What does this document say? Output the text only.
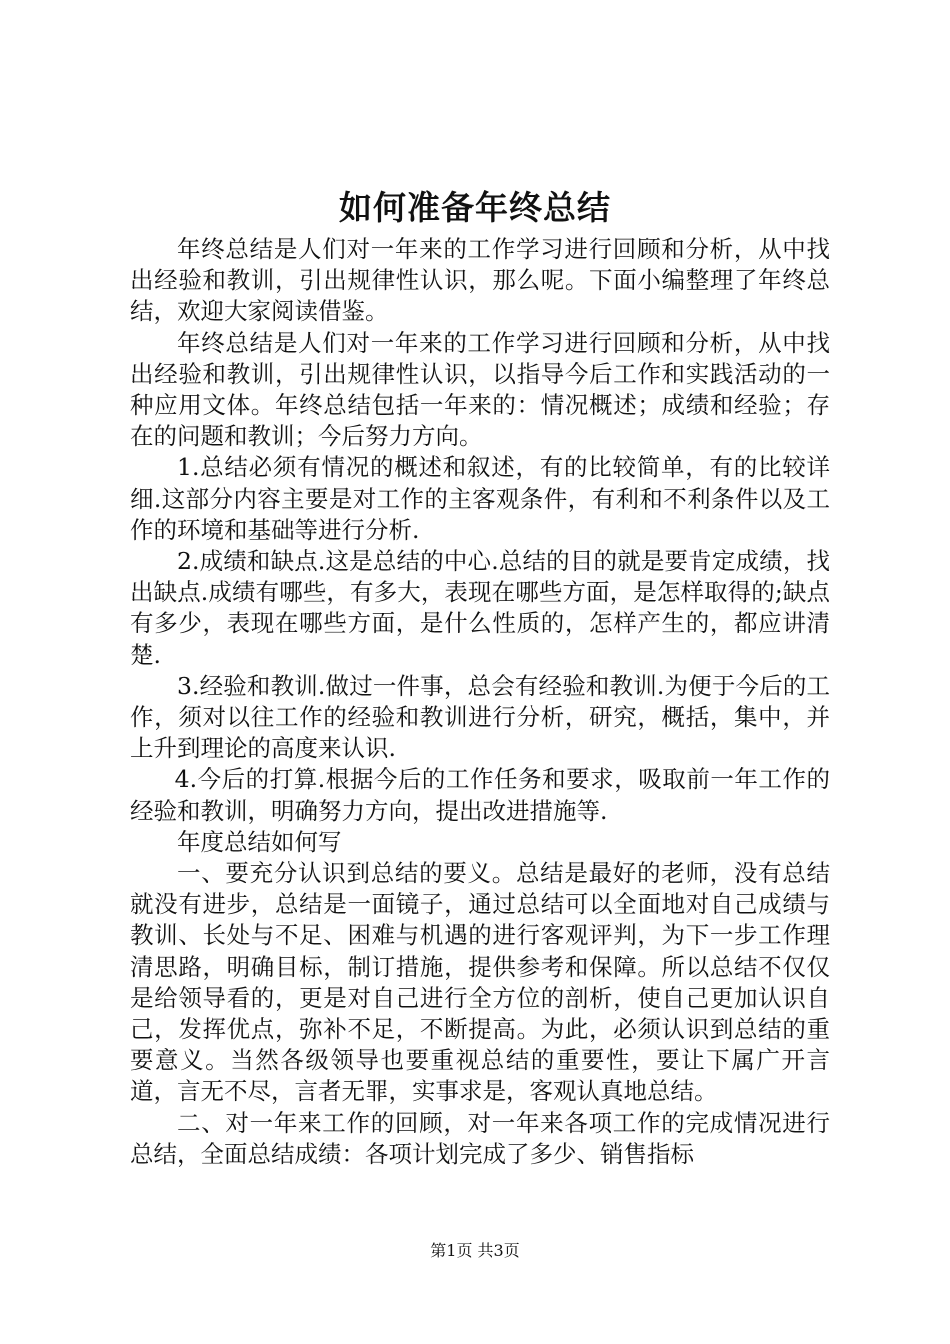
如何准备年终总结

年终总结是人们对一年来的工作学习进行回顾和分析，从中找出经验和教训，引出规律性认识，那么呢。下面小编整理了年终总结，欢迎大家阅读借鉴。

年终总结是人们对一年来的工作学习进行回顾和分析，从中找出经验和教训，引出规律性认识，以指导今后工作和实践活动的一种应用文体。年终总结包括一年来的：情况概述；成绩和经验；存在的问题和教训；今后努力方向。

1.总结必须有情况的概述和叙述，有的比较简单，有的比较详细.这部分内容主要是对工作的主客观条件，有利和不利条件以及工作的环境和基础等进行分析.

2.成绩和缺点.这是总结的中心.总结的目的就是要肯定成绩，找出缺点.成绩有哪些，有多大，表现在哪些方面，是怎样取得的;缺点有多少，表现在哪些方面，是什么性质的，怎样产生的，都应讲清楚.

3.经验和教训.做过一件事，总会有经验和教训.为便于今后的工作，须对以往工作的经验和教训进行分析，研究，概括，集中，并上升到理论的高度来认识.

4.今后的打算.根据今后的工作任务和要求，吸取前一年工作的经验和教训，明确努力方向，提出改进措施等.

年度总结如何写

一、要充分认识到总结的要义。总结是最好的老师，没有总结就没有进步，总结是一面镜子，通过总结可以全面地对自己成绩与教训、长处与不足、困难与机遇的进行客观评判，为下一步工作理清思路，明确目标，制订措施，提供参考和保障。所以总结不仅仅是给领导看的，更是对自己进行全方位的剖析，使自己更加认识自己，发挥优点，弥补不足，不断提高。为此，必须认识到总结的重要意义。当然各级领导也要重视总结的重要性，要让下属广开言道，言无不尽，言者无罪，实事求是，客观认真地总结。

二、对一年来工作的回顾，对一年来各项工作的完成情况进行总结，全面总结成绩：各项计划完成了多少、销售指标

第1页 共3页
